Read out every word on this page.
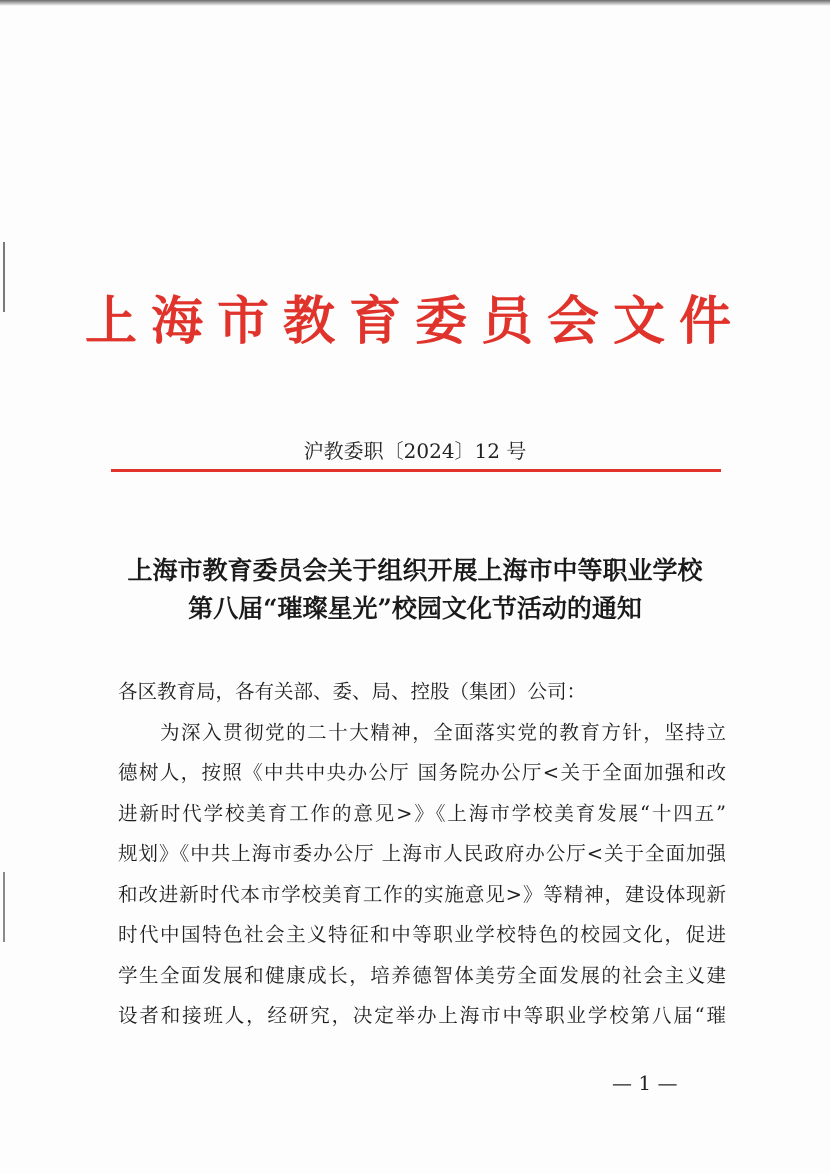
上海市教育委员会文件
沪教委职〔2024〕12 号
上海市教育委员会关于组织开展上海市中等职业学校
第八届“璀璨星光”校园文化节活动的通知

各区教育局，各有关部、委、局、控股（集团）公司：

　　为深入贯彻党的二十大精神，全面落实党的教育方针，坚持立

德树人，按照《中共中央办公厅 国务院办公厅<关于全面加强和改

进新时代学校美育工作的意见>》《上海市学校美育发展“十四五”

规划》《中共上海市委办公厅 上海市人民政府办公厅<关于全面加强

和改进新时代本市学校美育工作的实施意见>》等精神，建设体现新

时代中国特色社会主义特征和中等职业学校特色的校园文化，促进

学生全面发展和健康成长，培养德智体美劳全面发展的社会主义建

设者和接班人，经研究，决定举办上海市中等职业学校第八届“璀

— 1 —
